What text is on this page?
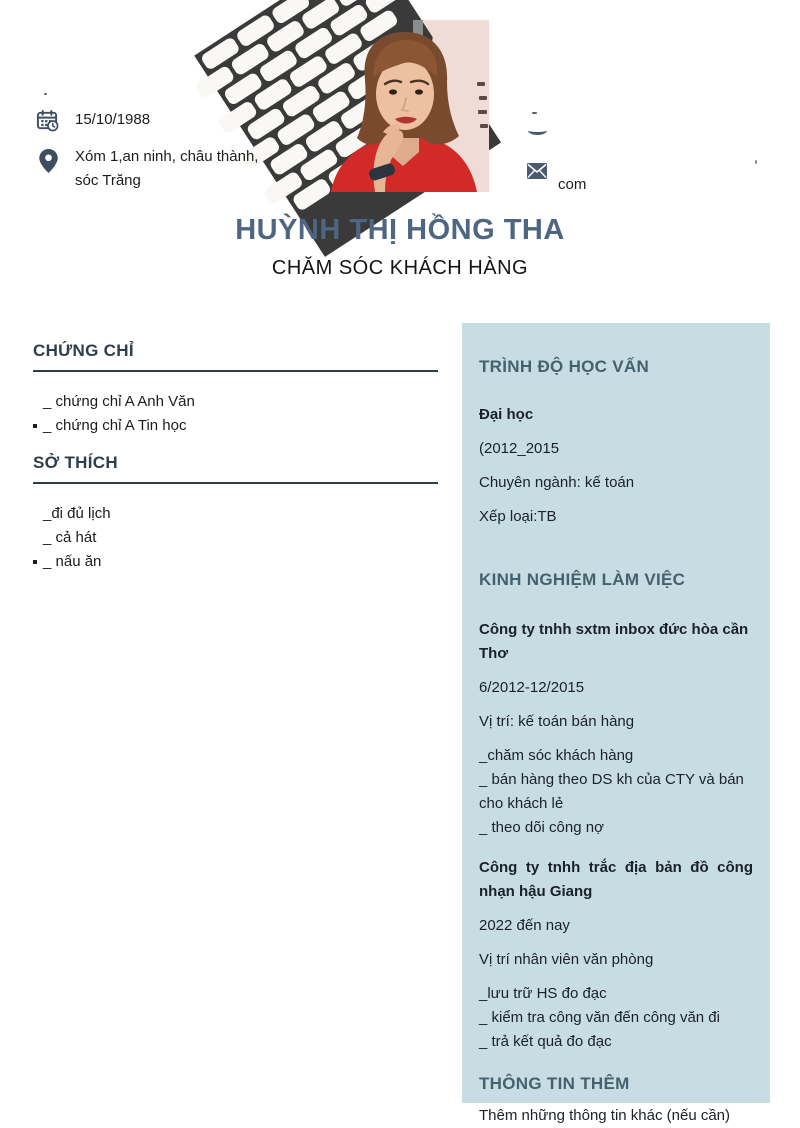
15/10/1988
Xóm 1,an ninh, châu thành, sóc Trăng	com
HUỲNH THỊ HỒNG THA
CHĂM SÓC KHÁCH HÀNG
CHỨNG CHỈ
_ chứng chỉ A Anh Văn
_ chứng chỉ A Tin học
SỞ THÍCH
_đi đủ lịch
_ cả hát
_ nấu ăn
TRÌNH ĐỘ HỌC VẤN

Đại học

(2012_2015

Chuyên ngành: kế toán

Xếp loại:TB

KINH NGHIỆM LÀM VIỆC

Công ty tnhh sxtm inbox đức hòa cần Thơ

6/2012-12/2015

Vị trí: kế toán bán hàng

_chăm sóc khách hàng
_ bán hàng theo DS kh của CTY và bán cho khách lẻ
_ theo dõi công nợ

Công ty tnhh trắc địa bản đồ công nhạn hậu Giang

2022 đến nay

Vị trí nhân viên văn phòng

_lưu trữ HS đo đạc
_ kiểm tra công văn đến công văn đi
_ trả kết quả đo đạc
THÔNG TIN THÊM

Thêm những thông tin khác (nếu cần)
